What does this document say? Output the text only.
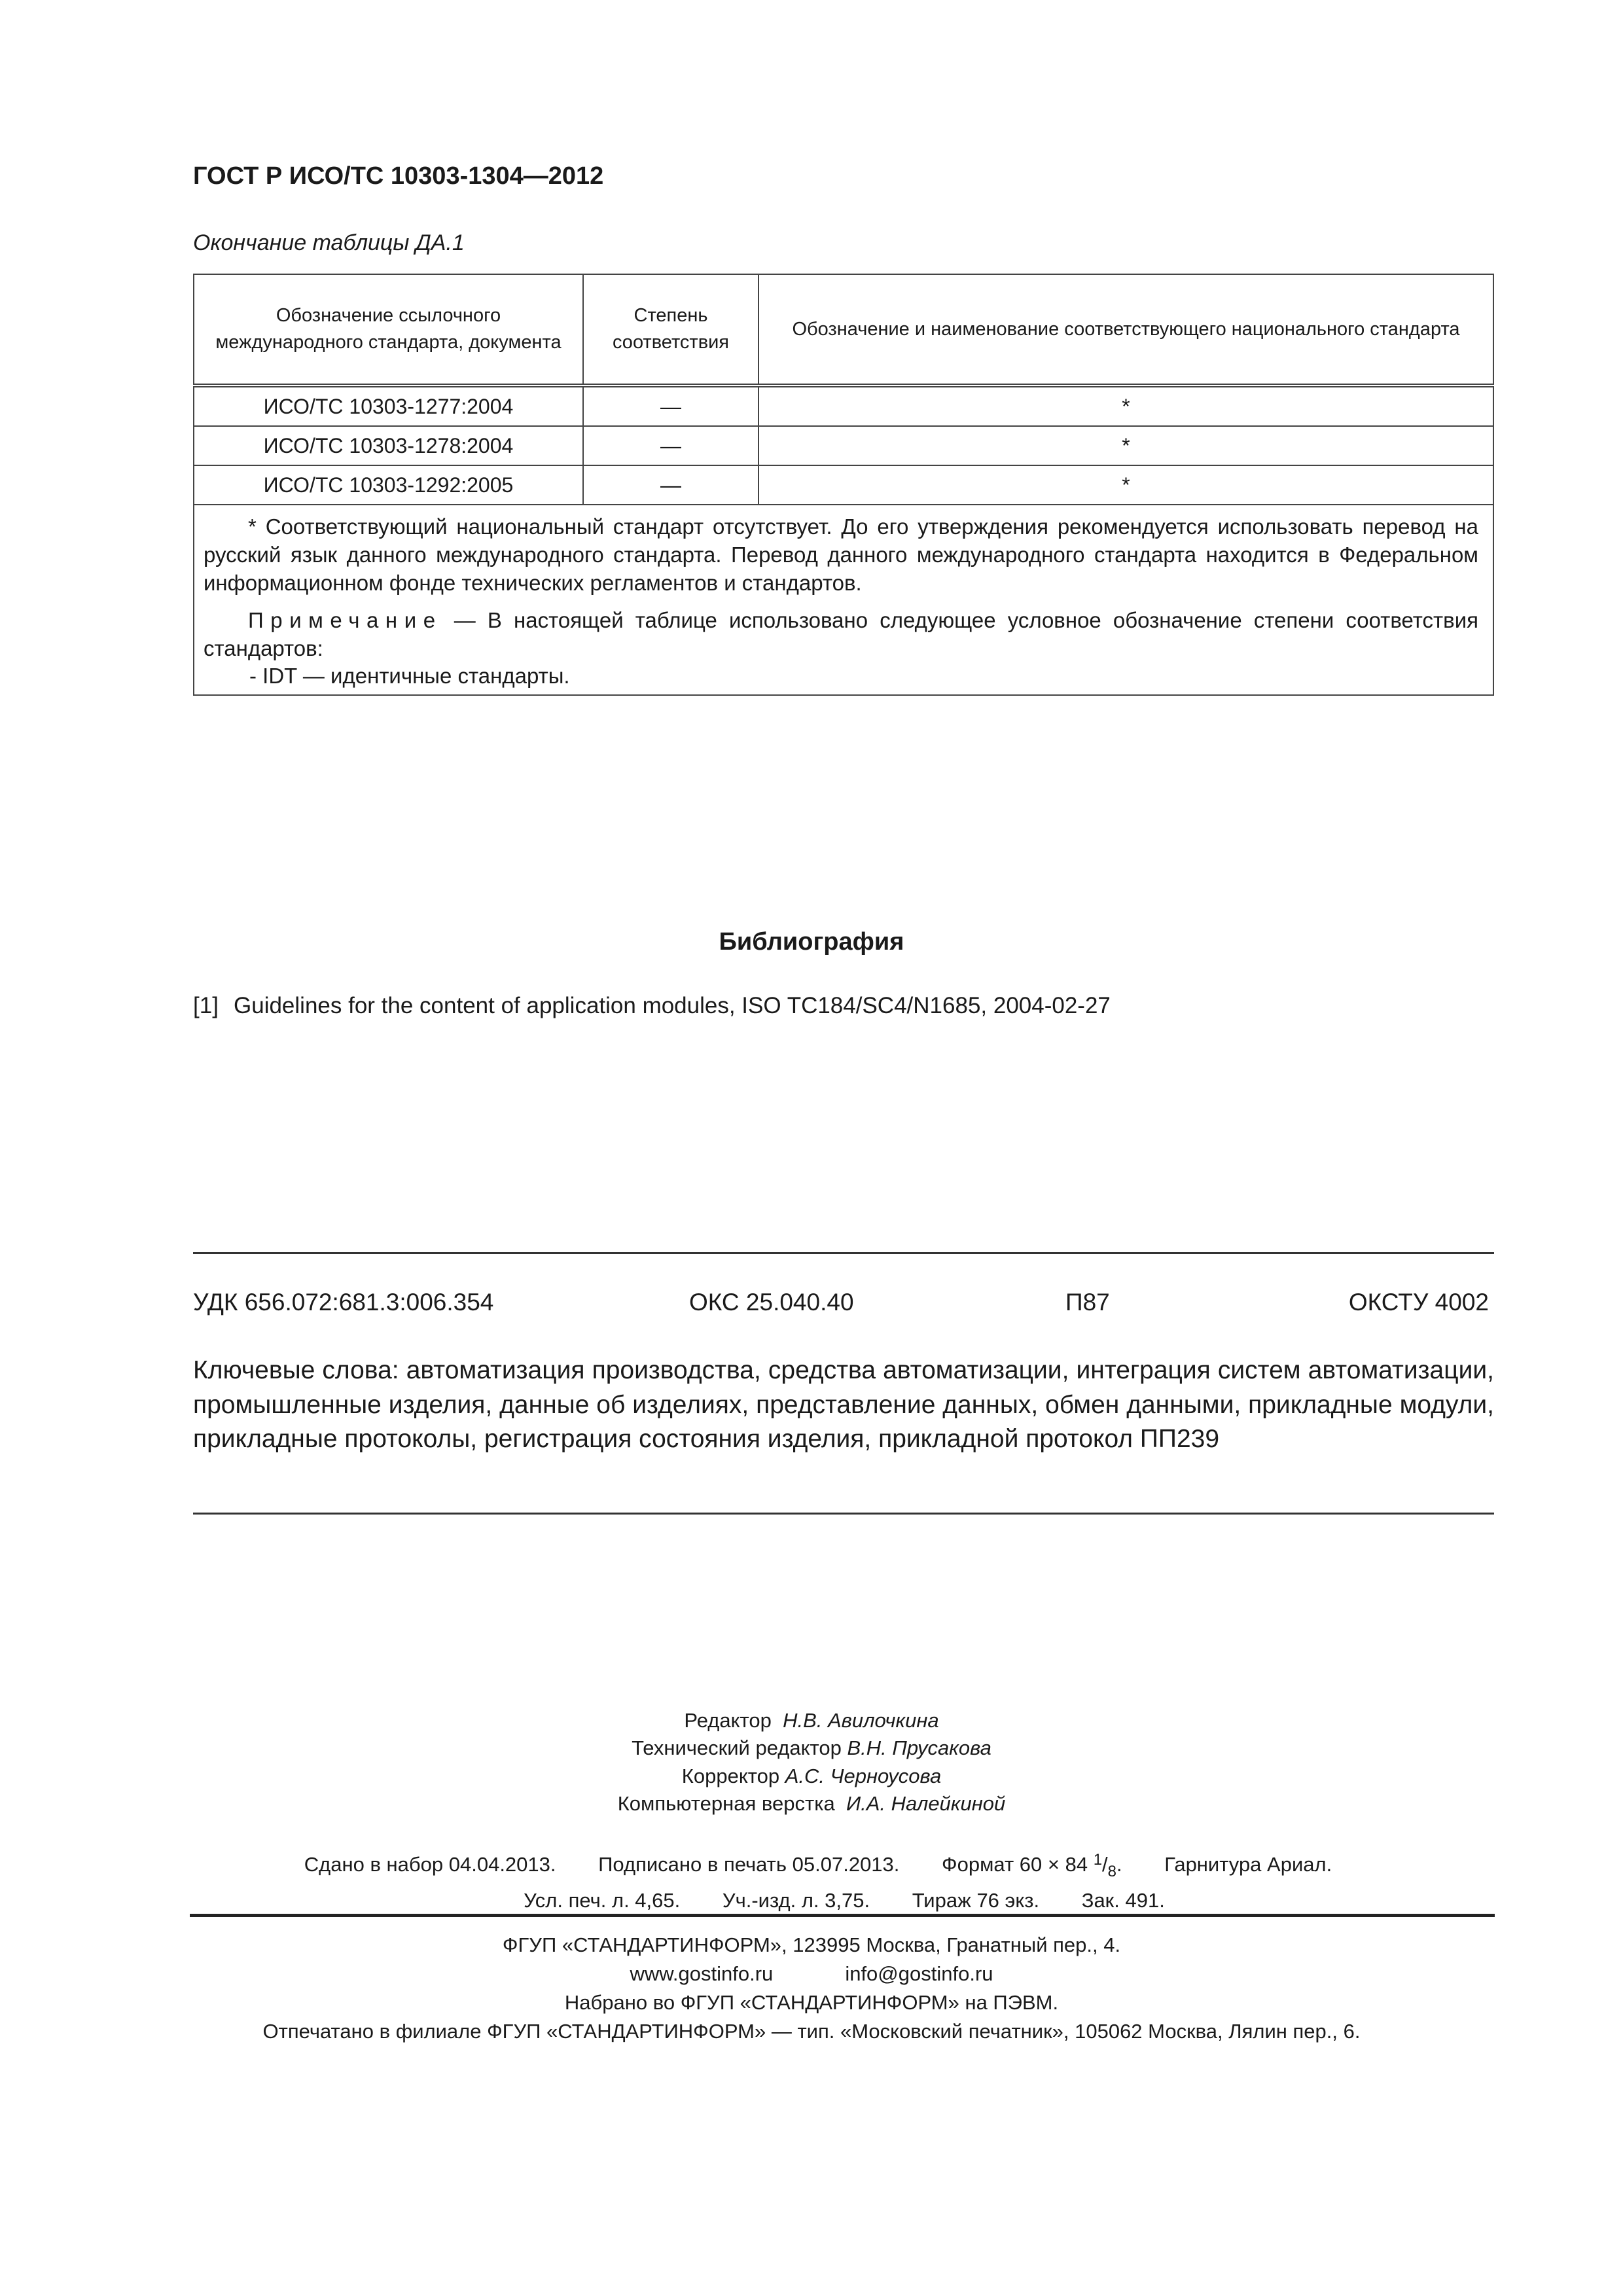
ГОСТ Р ИСО/ТС 10303-1304—2012
Окончание таблицы ДА.1
Обозначение ссылочного международного стандарта, документа	Степень соответствия	Обозначение и наименование соответствующего национального стандарта
ИСО/ТС 10303-1277:2004	—	*
ИСО/ТС 10303-1278:2004	—	*
ИСО/ТС 10303-1292:2005	—	*

* Соответствующий национальный стандарт отсутствует. До его утверждения рекомендуется использовать перевод на русский язык данного международного стандарта. Перевод данного международного стандарта находится в Федеральном информационном фонде технических регламентов и стандартов.

Примечание — В настоящей таблице использовано следующее условное обозначение степени соответствия стандартов:

- IDT — идентичные стандарты.		

Библиография
[1] Guidelines for the content of application modules, ISO TC184/SC4/N1685, 2004-02-27
УДК 656.072:681.3:006.354	ОКС 25.040.40	П87	ОКСТУ 4002
Ключевые слова: автоматизация производства, средства автоматизации, интеграция систем автоматизации, промышленные изделия, данные об изделиях, представление данных, обмен данными, прикладные модули, прикладные протоколы, регистрация состояния изделия, прикладной протокол ПП239
Редактор Н.В. Авилочкина
Технический редактор В.Н. Прусакова
Корректор А.С. Черноусова
Компьютерная верстка И.А. Налейкиной
Сдано в набор 04.04.2013. Подписано в печать 05.07.2013. Формат 60 × 84 1/8. Гарнитура Ариал.
Усл. печ. л. 4,65. Уч.-изд. л. 3,75. Тираж 76 экз. Зак. 491.
ФГУП «СТАНДАРТИНФОРМ», 123995 Москва, Гранатный пер., 4.
www.gostinfo.ru	info@gostinfo.ru
Набрано во ФГУП «СТАНДАРТИНФОРМ» на ПЭВМ.
Отпечатано в филиале ФГУП «СТАНДАРТИНФОРМ» — тип. «Московский печатник», 105062 Москва, Лялин пер., 6.
